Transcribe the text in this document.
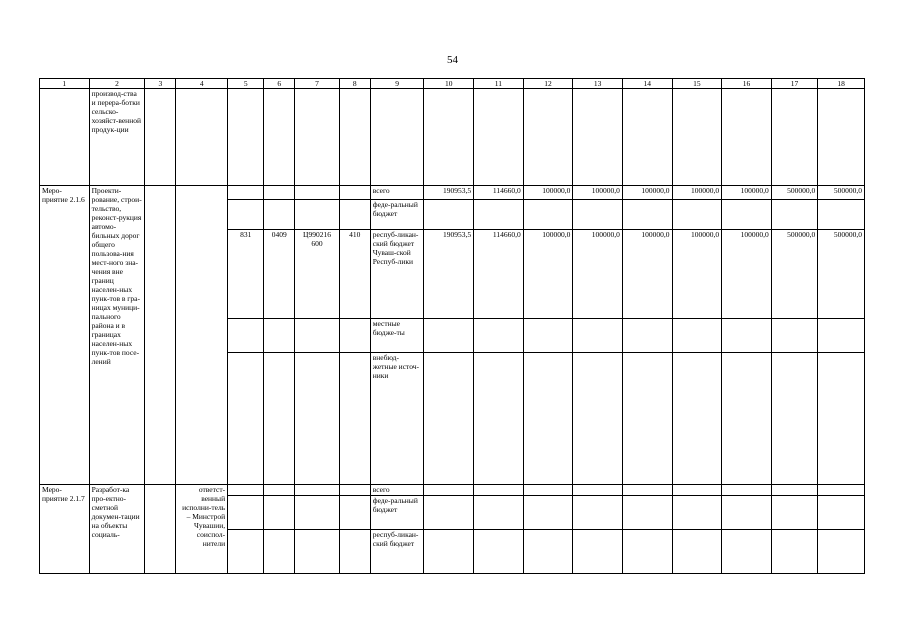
54
1	2	3	4	5	6	7	8	9	10	11	12	13	14	15	16	17	18
	производ-ства и перера-ботки сельско-хозяйст-венной продук-ции																
Меро-приятие 2.1.6	Проекти-рование, строи-тельство, реконст-рукция автомо-бильных дорог общего пользова-ния мест-ного зна-чения вне границ населен-ных пунк-тов в гра-ницах муници-пального района и в границах населен-ных пунк-тов посе-лений							всего	190953,5	114660,0	100000,0	100000,0	100000,0	100000,0	100000,0	500000,0	500000,0
								феде-ральный бюджет									
				831	0409	Ц990216 600	410	респуб-ликан-ский бюджет Чуваш-ской Респуб-лики	190953,5	114660,0	100000,0	100000,0	100000,0	100000,0	100000,0	500000,0	500000,0
								местные бюдже-ты									
								внебюд-жетные источ-ники									
Меро-приятие 2.1.7	Разработ-ка про-ектно-сметной докумен-тации на объекты социаль-		ответст-венный исполни-тель – Минстрой Чувашии, соиспол-нители					всего									
								феде-ральный бюджет									
								респуб-ликан-ский бюджет									
